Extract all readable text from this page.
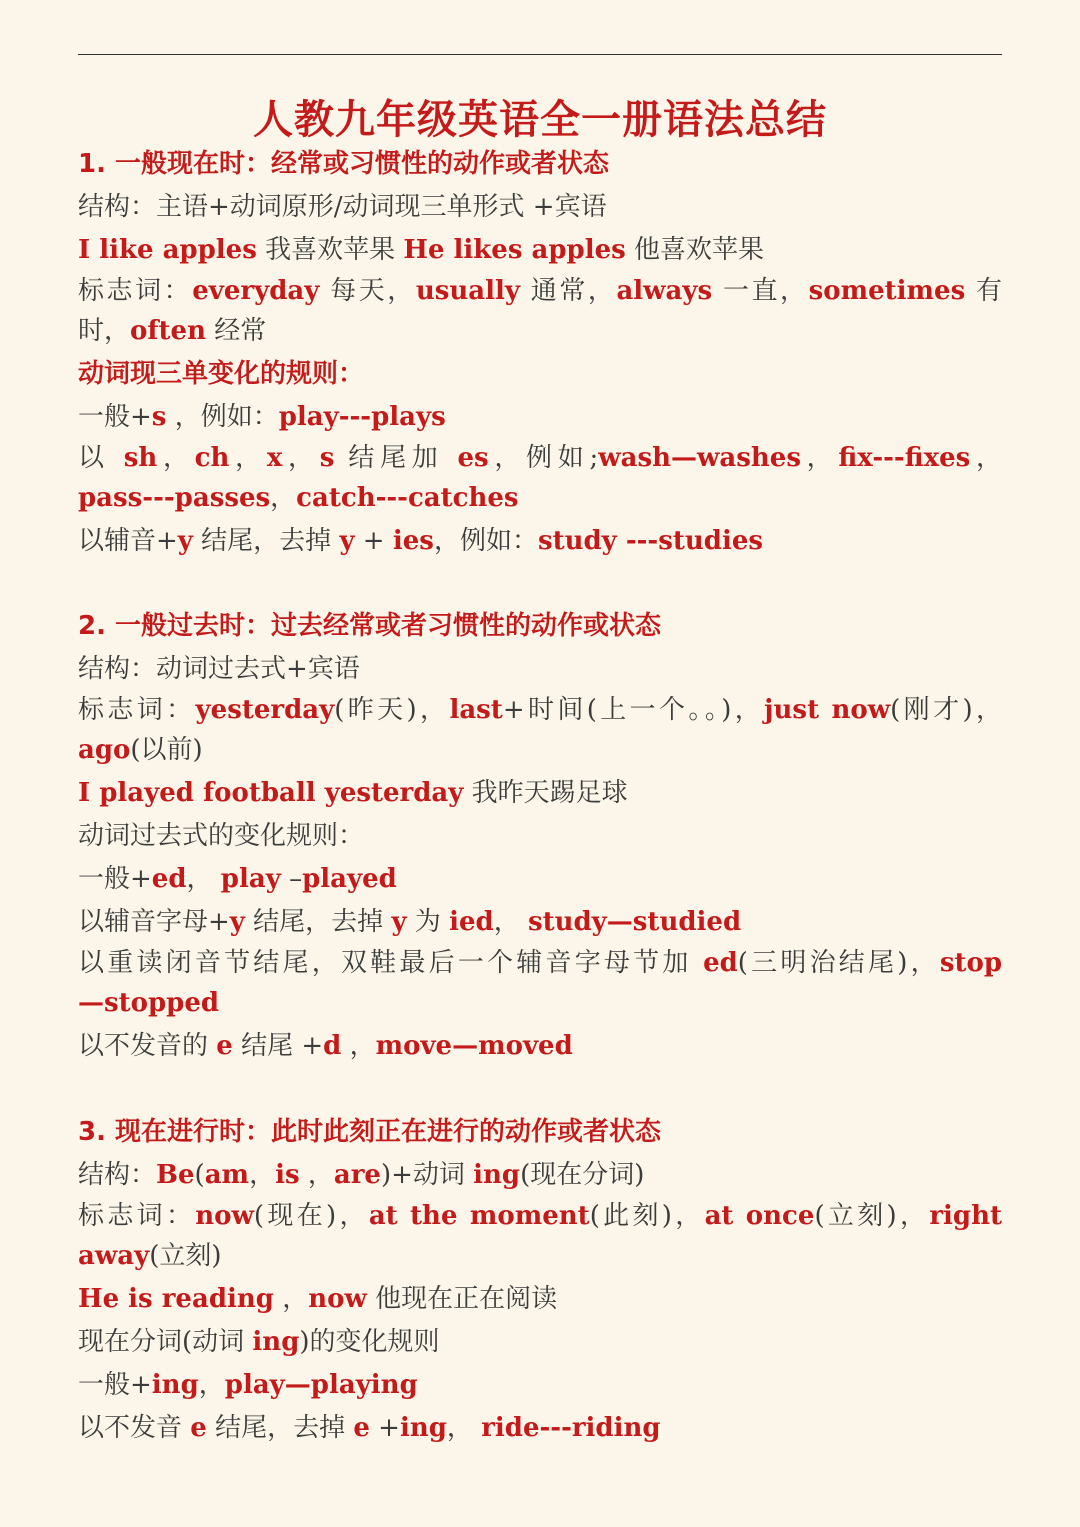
人教九年级英语全一册语法总结
1. 一般现在时：经常或习惯性的动作或者状态
结构：主语+动词原形/动词现三单形式 +宾语
I like apples 我喜欢苹果 He likes apples 他喜欢苹果
标志词：everyday 每天，usually 通常，always 一直，sometimes 有
时，often 经常
动词现三单变化的规则：
一般+s ，例如：play---plays
以 sh，ch，x，s 结尾加 es，例如;wash—washes，fix---fixes，
pass---passes，catch---catches
以辅音+y 结尾，去掉 y + ies，例如：study ---studies
2. 一般过去时：过去经常或者习惯性的动作或状态
结构：动词过去式+宾语
标志词：yesterday(昨天)，last+时间(上一个。。)，just now(刚才)，
ago(以前)
I played football yesterday 我昨天踢足球
动词过去式的变化规则：
一般+ed， play –played
以辅音字母+y 结尾，去掉 y 为 ied， study—studied
以重读闭音节结尾，双鞋最后一个辅音字母节加 ed(三明治结尾)，stop
—stopped
以不发音的 e 结尾 +d ，move—moved
3. 现在进行时：此时此刻正在进行的动作或者状态
结构：Be(am，is ，are)+动词 ing(现在分词)
标志词：now(现在)，at the moment(此刻)，at once(立刻)，right
away(立刻)
He is reading ，now 他现在正在阅读
现在分词(动词 ing)的变化规则
一般+ing，play—playing
以不发音 e 结尾，去掉 e +ing， ride---riding
